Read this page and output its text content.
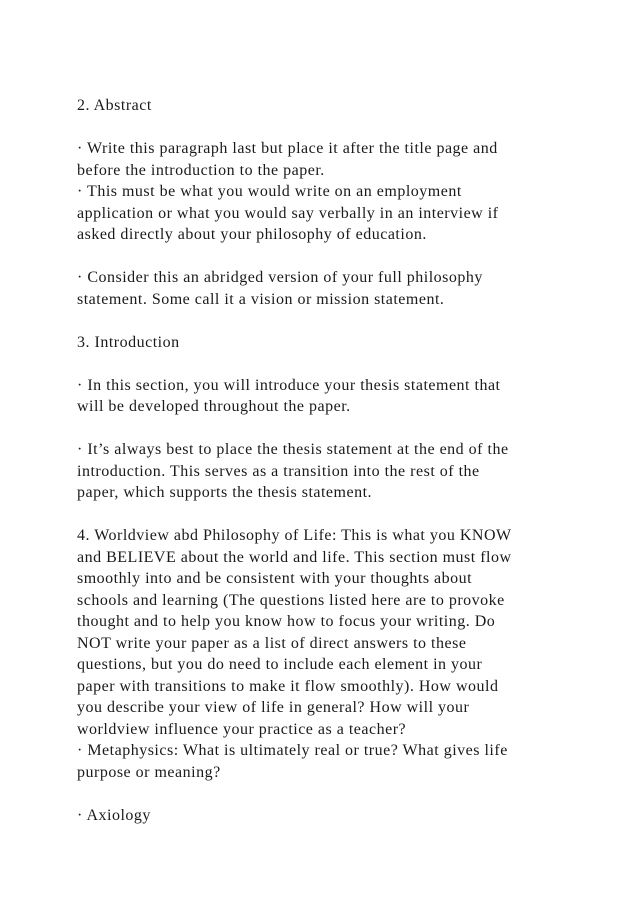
2. Abstract
· Write this paragraph last but place it after the title page and
before the introduction to the paper.
· This must be what you would write on an employment
application or what you would say verbally in an interview if
asked directly about your philosophy of education.
· Consider this an abridged version of your full philosophy
statement. Some call it a vision or mission statement.
3. Introduction
· In this section, you will introduce your thesis statement that
will be developed throughout the paper.
· It’s always best to place the thesis statement at the end of the
introduction. This serves as a transition into the rest of the
paper, which supports the thesis statement.
4. Worldview abd Philosophy of Life: This is what you KNOW
and BELIEVE about the world and life. This section must flow
smoothly into and be consistent with your thoughts about
schools and learning (The questions listed here are to provoke
thought and to help you know how to focus your writing. Do
NOT write your paper as a list of direct answers to these
questions, but you do need to include each element in your
paper with transitions to make it flow smoothly). How would
you describe your view of life in general? How will your
worldview influence your practice as a teacher?
· Metaphysics: What is ultimately real or true? What gives life
purpose or meaning?
· Axiology
